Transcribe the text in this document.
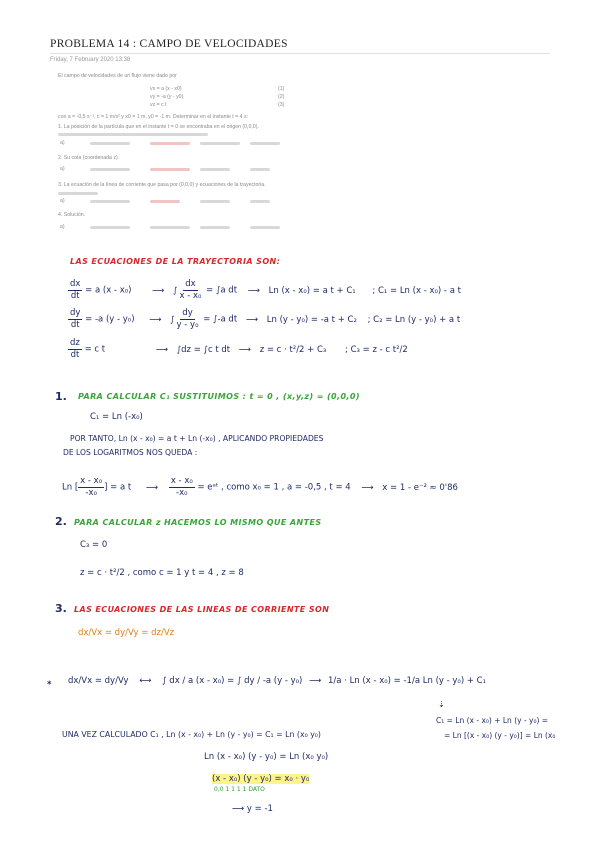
PROBLEMA 14 : CAMPO DE VELOCIDADES
Friday, 7 February 2020 13:38
El campo de velocidades de un flujo viene dado por
vx = a (x - x0)
vy = -a (y - y0)
vz = c t
(1)
(2)
(3)
con a = -0,5 s⁻¹, c = 1 m/s² y x0 = 1 m, y0 = -1 m. Determinar en el instante t = 4 s:
1. La posición de la partícula que en el instante t = 0 se encontraba en el origen (0,0,0).
a)
2. Su cota (coordenada z).
a)
3. La ecuación de la línea de corriente que pasa por (0,0,0) y ecuaciones de la trayectoria.
a)
4. Solución.
a)
LAS ECUACIONES DE LA TRAYECTORIA SON:
$\frac{dx}{dt} = a$ (x - x₀) ⟶ ∫ $\frac{dx}{\text{x - x₀}} = \int a$ dt ⟶ Ln (x - x₀) = a t + C₁ ; C₁ = Ln (x - x₀) - a t
$\frac{dy}{dt} = -a$ (y - y₀) ⟶ ∫ $\frac{dy}{\text{y - y₀}} = \int-a$ dt ⟶ Ln (y - y₀) = -a t + C₂ ; C₂ = Ln (y - y₀) + a t
$\frac{dz}{dt} = c$ t	⟶ ∫dz = ∫c t dt ⟶ z = c · t²/2 + C₃ ; C₃ = z - c t²/2
1. PARA CALCULAR C₁ SUSTITUIMOS : t = 0 , (x,y,z) = (0,0,0)
C₁ = Ln (-x₀)
POR TANTO, Ln (x - x₀) = a t + Ln (-x₀) , APLICANDO PROPIEDADES
DE LOS LOGARITMOS NOS QUEDA :
Ln [ $\frac{\text{x - x₀}}{\text{-x₀}}$ ] = a t ⟶ $\frac{\text{x - x₀}}{\text{-x₀}}$ = eᵃᵗ , como x₀ = 1 , a = -0,5 , t = 4 ⟶ x = 1 - e⁻² ≈ 0'86
2. PARA CALCULAR z HACEMOS LO MISMO QUE ANTES
C₃ = 0
z = c · t²/2 , como c = 1 y t = 4 , z = 8
3. LAS ECUACIONES DE LAS LINEAS DE CORRIENTE SON
dx/Vx = dy/Vy = dz/Vz
* dx/Vx = dy/Vy ⟷ ∫ dx / a (x - x₀) = ∫ dy / -a (y - y₀) ⟶ 1/a · Ln (x - x₀) = -1/a Ln (y - y₀) + C₁
⇣
C₁ = Ln (x - x₀) + Ln (y - y₀) =
= Ln [(x - x₀) (y - y₀)] = Ln (x₀
UNA VEZ CALCULADO C₁ , Ln (x - x₀) + Ln (y - y₀) = C₁ = Ln (x₀ y₀)
Ln (x - x₀) (y - y₀) = Ln (x₀ y₀)
(x - x₀) (y - y₀) = x₀ · y₀
0,0 1 1 1 1 DATO
⟶ y = -1
